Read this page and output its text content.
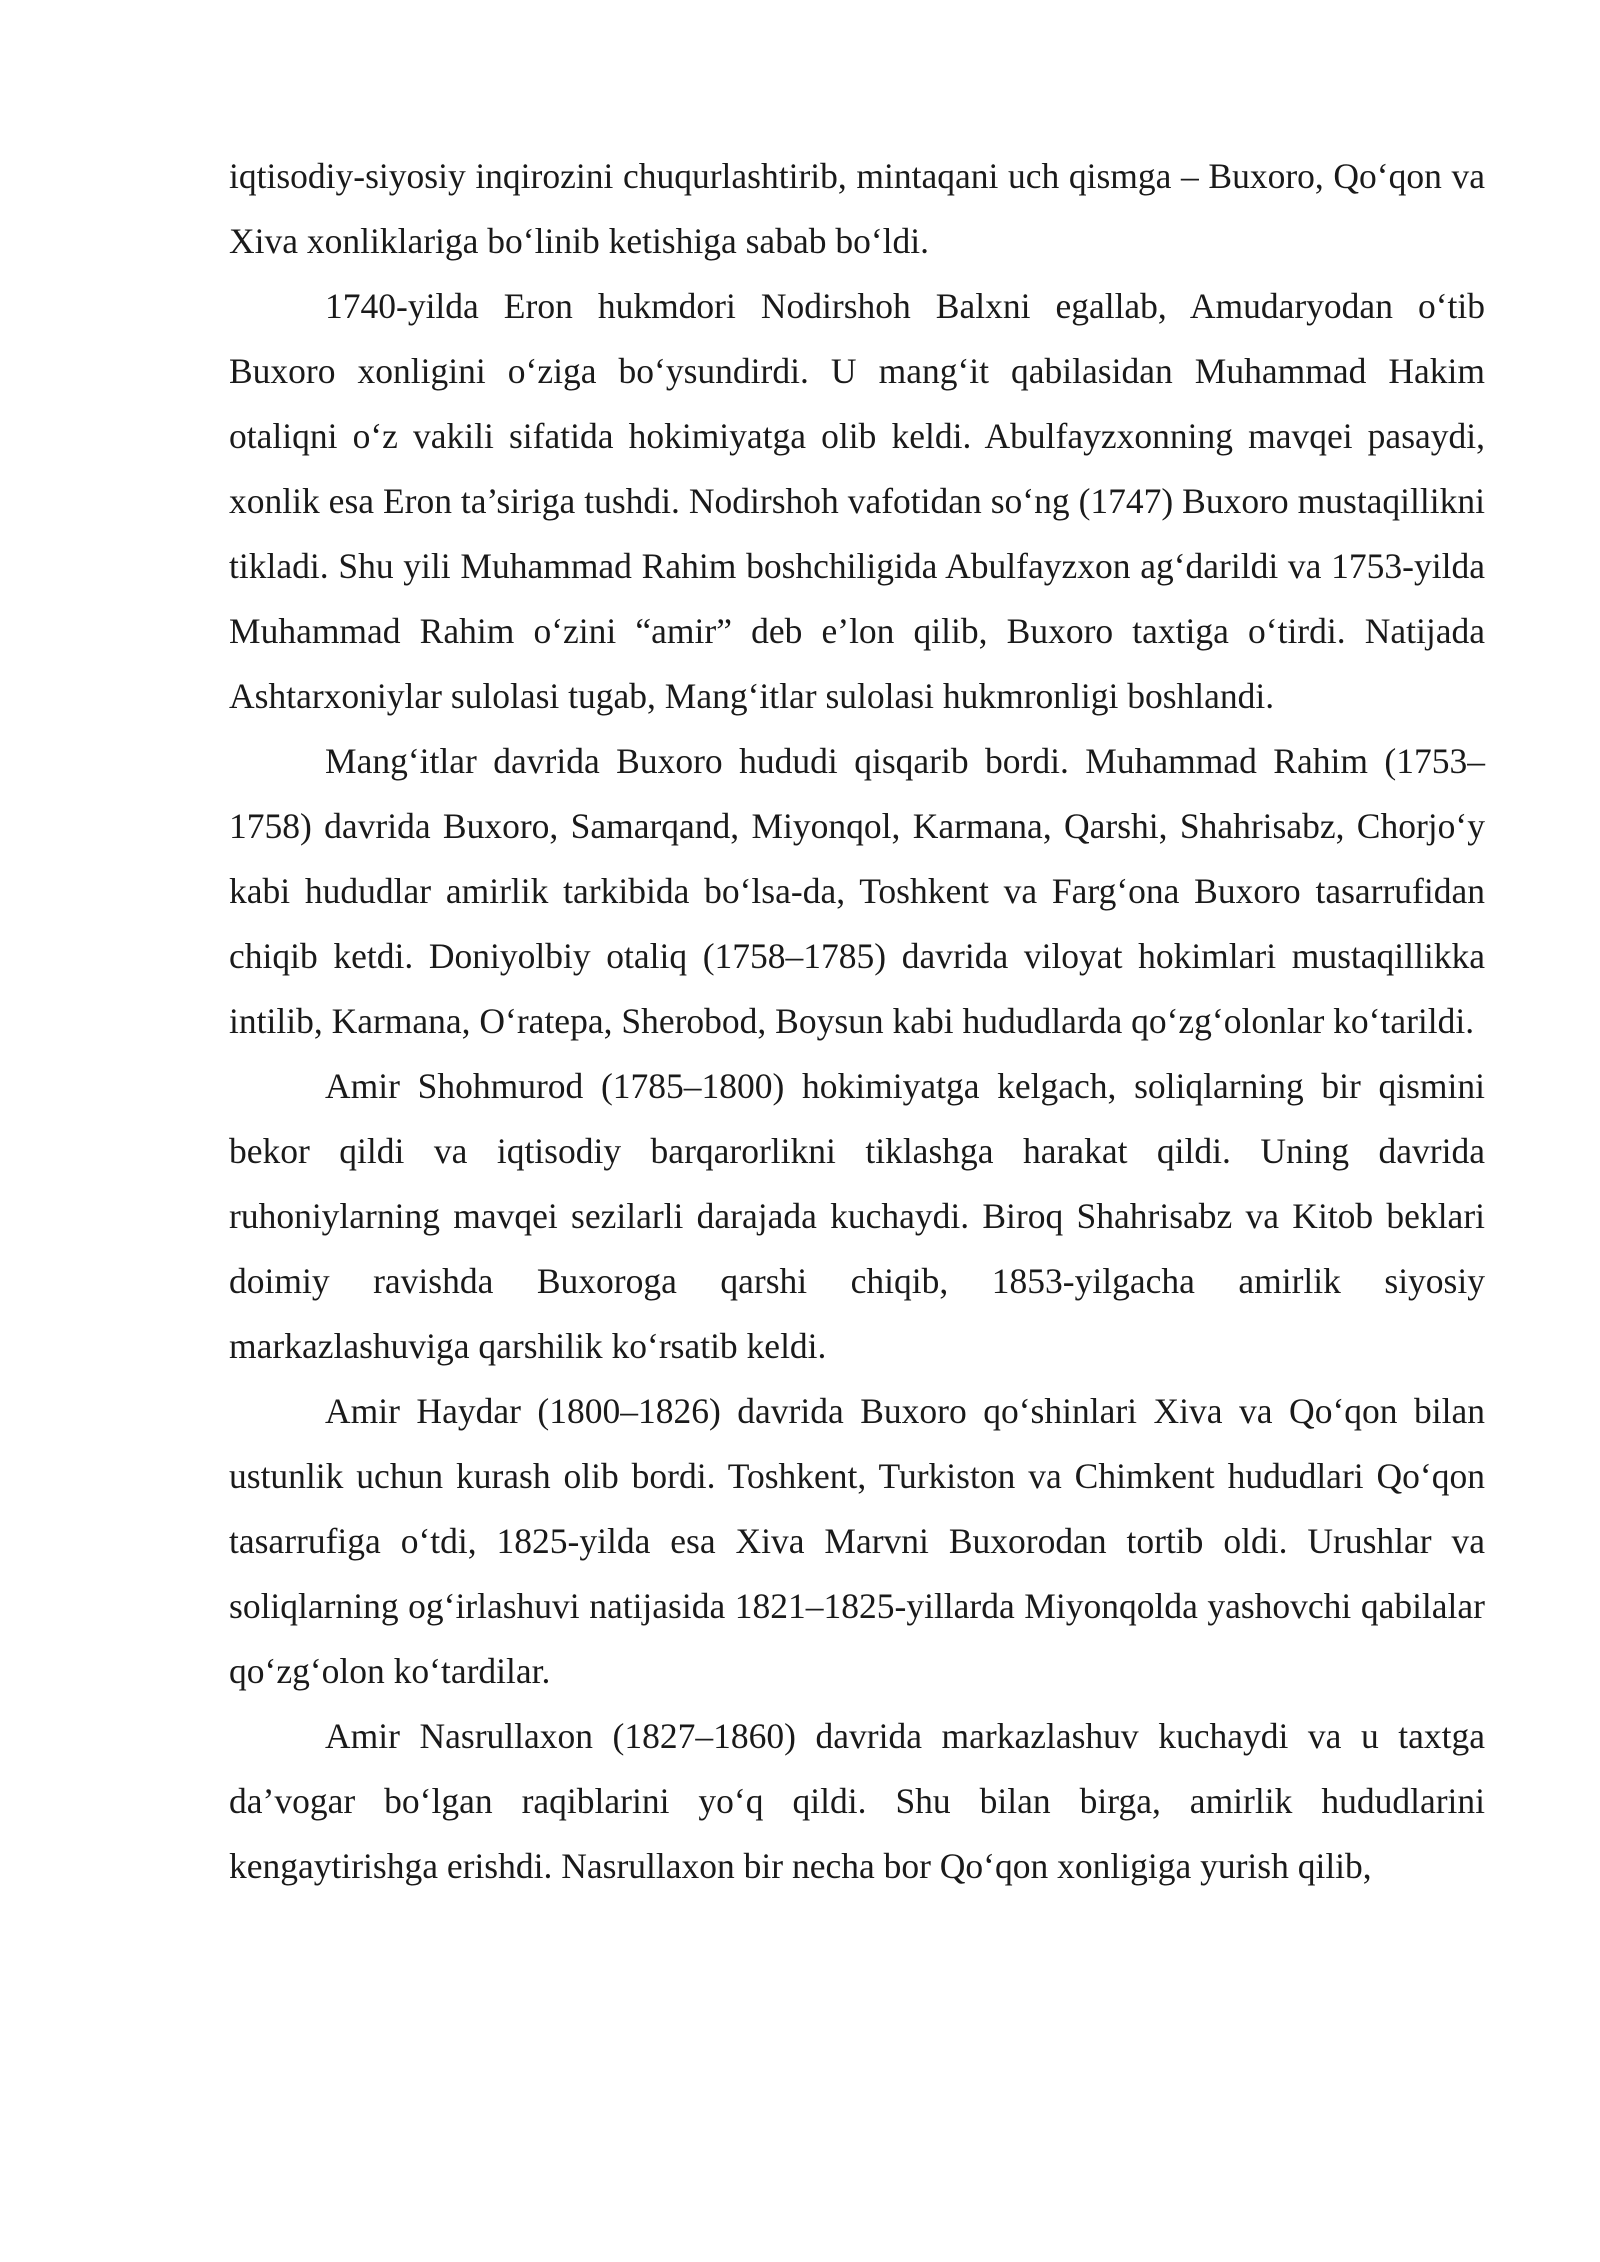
iqtisodiy-siyosiy inqirozini chuqurlashtirib, mintaqani uch qismga – Buxoro, Qo‘qon va Xiva xonliklariga bo‘linib ketishiga sabab bo‘ldi.

1740-yilda Eron hukmdori Nodirshoh Balxni egallab, Amudaryodan o‘tib Buxoro xonligini o‘ziga bo‘ysundirdi. U mang‘it qabilasidan Muhammad Hakim otaliqni o‘z vakili sifatida hokimiyatga olib keldi. Abulfayzxonning mavqei pasaydi, xonlik esa Eron ta’siriga tushdi. Nodirshoh vafotidan so‘ng (1747) Buxoro mustaqillikni tikladi. Shu yili Muhammad Rahim boshchiligida Abulfayzxon ag‘darildi va 1753-yilda Muhammad Rahim o‘zini “amir” deb e’lon qilib, Buxoro taxtiga o‘tirdi. Natijada Ashtarxoniylar sulolasi tugab, Mang‘itlar sulolasi hukmronligi boshlandi.

Mang‘itlar davrida Buxoro hududi qisqarib bordi. Muhammad Rahim (1753–1758) davrida Buxoro, Samarqand, Miyonqol, Karmana, Qarshi, Shahrisabz, Chorjo‘y kabi hududlar amirlik tarkibida bo‘lsa-da, Toshkent va Farg‘ona Buxoro tasarrufidan chiqib ketdi. Doniyolbiy otaliq (1758–1785) davrida viloyat hokimlari mustaqillikka intilib, Karmana, O‘ratepa, Sherobod, Boysun kabi hududlarda qo‘zg‘olonlar ko‘tarildi.

Amir Shohmurod (1785–1800) hokimiyatga kelgach, soliqlarning bir qismini bekor qildi va iqtisodiy barqarorlikni tiklashga harakat qildi. Uning davrida ruhoniylarning mavqei sezilarli darajada kuchaydi. Biroq Shahrisabz va Kitob beklari doimiy ravishda Buxoroga qarshi chiqib, 1853-yilgacha amirlik siyosiy markazlashuviga qarshilik ko‘rsatib keldi.

Amir Haydar (1800–1826) davrida Buxoro qo‘shinlari Xiva va Qo‘qon bilan ustunlik uchun kurash olib bordi. Toshkent, Turkiston va Chimkent hududlari Qo‘qon tasarrufiga o‘tdi, 1825-yilda esa Xiva Marvni Buxorodan tortib oldi. Urushlar va soliqlarning og‘irlashuvi natijasida 1821–1825-yillarda Miyonqolda yashovchi qabilalar qo‘zg‘olon ko‘tardilar.

Amir Nasrullaxon (1827–1860) davrida markazlashuv kuchaydi va u taxtga da’vogar bo‘lgan raqiblarini yo‘q qildi. Shu bilan birga, amirlik hududlarini kengaytirishga erishdi. Nasrullaxon bir necha bor Qo‘qon xonligiga yurish qilib,
